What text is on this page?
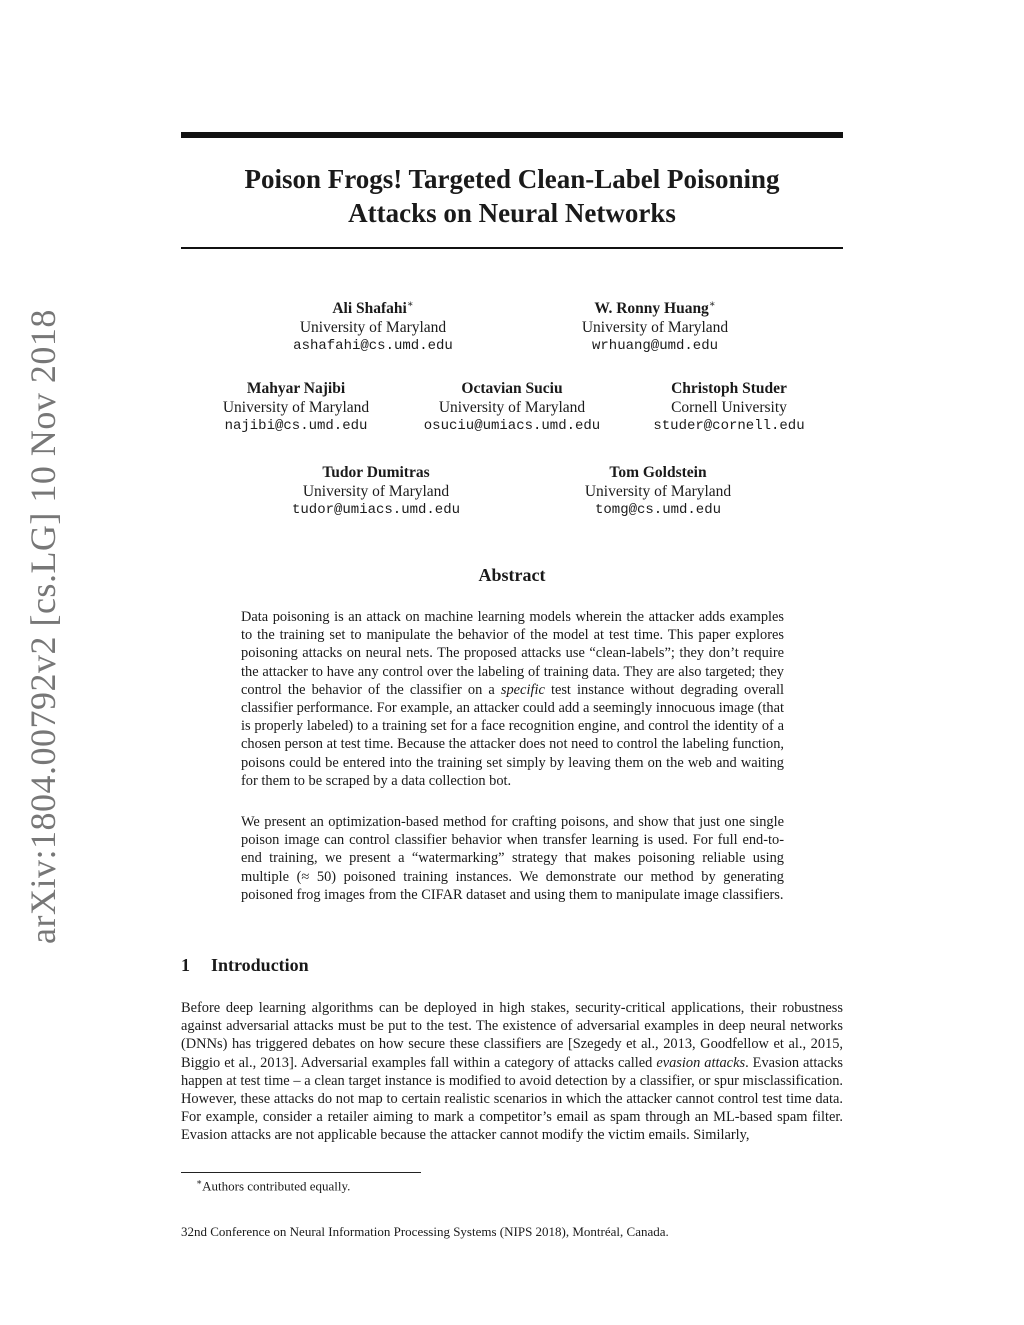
arXiv:1804.00792v2 [cs.LG] 10 Nov 2018
Poison Frogs! Targeted Clean-Label Poisoning
Attacks on Neural Networks
Ali Shafahi∗
University of Maryland
ashafahi@cs.umd.edu
W. Ronny Huang∗
University of Maryland
wrhuang@umd.edu
Mahyar Najibi
University of Maryland
najibi@cs.umd.edu
Octavian Suciu
University of Maryland
osuciu@umiacs.umd.edu
Christoph Studer
Cornell University
studer@cornell.edu
Tudor Dumitras
University of Maryland
tudor@umiacs.umd.edu
Tom Goldstein
University of Maryland
tomg@cs.umd.edu
Abstract
Data poisoning is an attack on machine learning models wherein the attacker adds examples to the training set to manipulate the behavior of the model at test time. This paper explores poisoning attacks on neural nets. The proposed attacks use “clean-labels”; they don’t require the attacker to have any control over the labeling of training data. They are also targeted; they control the behavior of the classifier on a specific test instance without degrading overall classifier performance. For example, an attacker could add a seemingly innocuous image (that is properly labeled) to a training set for a face recognition engine, and control the identity of a chosen person at test time. Because the attacker does not need to control the labeling function, poisons could be entered into the training set simply by leaving them on the web and waiting for them to be scraped by a data collection bot.
We present an optimization-based method for crafting poisons, and show that just one single poison image can control classifier behavior when transfer learning is used. For full end-to-end training, we present a “watermarking” strategy that makes poisoning reliable using multiple (≈ 50) poisoned training instances. We demonstrate our method by generating poisoned frog images from the CIFAR dataset and using them to manipulate image classifiers.
1 Introduction
Before deep learning algorithms can be deployed in high stakes, security-critical applications, their robustness against adversarial attacks must be put to the test. The existence of adversarial examples in deep neural networks (DNNs) has triggered debates on how secure these classifiers are [Szegedy et al., 2013, Goodfellow et al., 2015, Biggio et al., 2013]. Adversarial examples fall within a category of attacks called evasion attacks. Evasion attacks happen at test time – a clean target instance is modified to avoid detection by a classifier, or spur misclassification. However, these attacks do not map to certain realistic scenarios in which the attacker cannot control test time data. For example, consider a retailer aiming to mark a competitor’s email as spam through an ML-based spam filter. Evasion attacks are not applicable because the attacker cannot modify the victim emails. Similarly,
∗Authors contributed equally.
32nd Conference on Neural Information Processing Systems (NIPS 2018), Montréal, Canada.
